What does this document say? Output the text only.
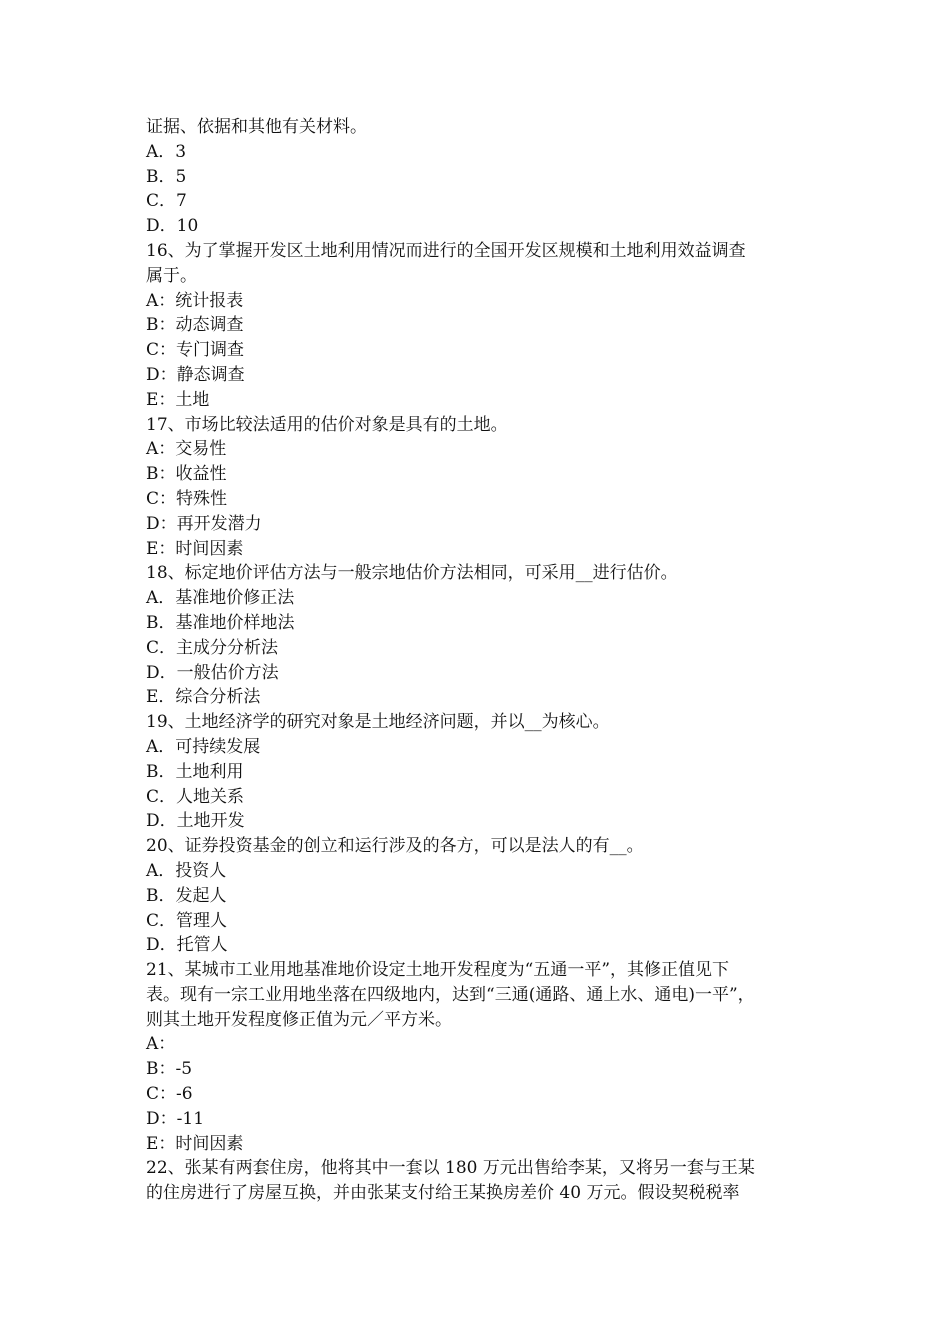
证据、依据和其他有关材料。
A．3
B．5
C．7
D．10
16、为了掌握开发区土地利用情况而进行的全国开发区规模和土地利用效益调查
属于。
A：统计报表
B：动态调查
C：专门调查
D：静态调查
E：土地
17、市场比较法适用的估价对象是具有的土地。
A：交易性
B：收益性
C：特殊性
D：再开发潜力
E：时间因素
18、标定地价评估方法与一般宗地估价方法相同，可采用__进行估价。
A．基准地价修正法
B．基准地价样地法
C．主成分分析法
D．一般估价方法
E．综合分析法
19、土地经济学的研究对象是土地经济问题，并以__为核心。
A．可持续发展
B．土地利用
C．人地关系
D．土地开发
20、证券投资基金的创立和运行涉及的各方，可以是法人的有__。
A．投资人
B．发起人
C．管理人
D．托管人
21、某城市工业用地基准地价设定土地开发程度为“五通一平”，其修正值见下
表。现有一宗工业用地坐落在四级地内，达到“三通(通路、通上水、通电)一平”，
则其土地开发程度修正值为元／平方米。
A：
B：-5
C：-6
D：-11
E：时间因素
22、张某有两套住房，他将其中一套以 180 万元出售给李某，又将另一套与王某
的住房进行了房屋互换，并由张某支付给王某换房差价 40 万元。假设契税税率
